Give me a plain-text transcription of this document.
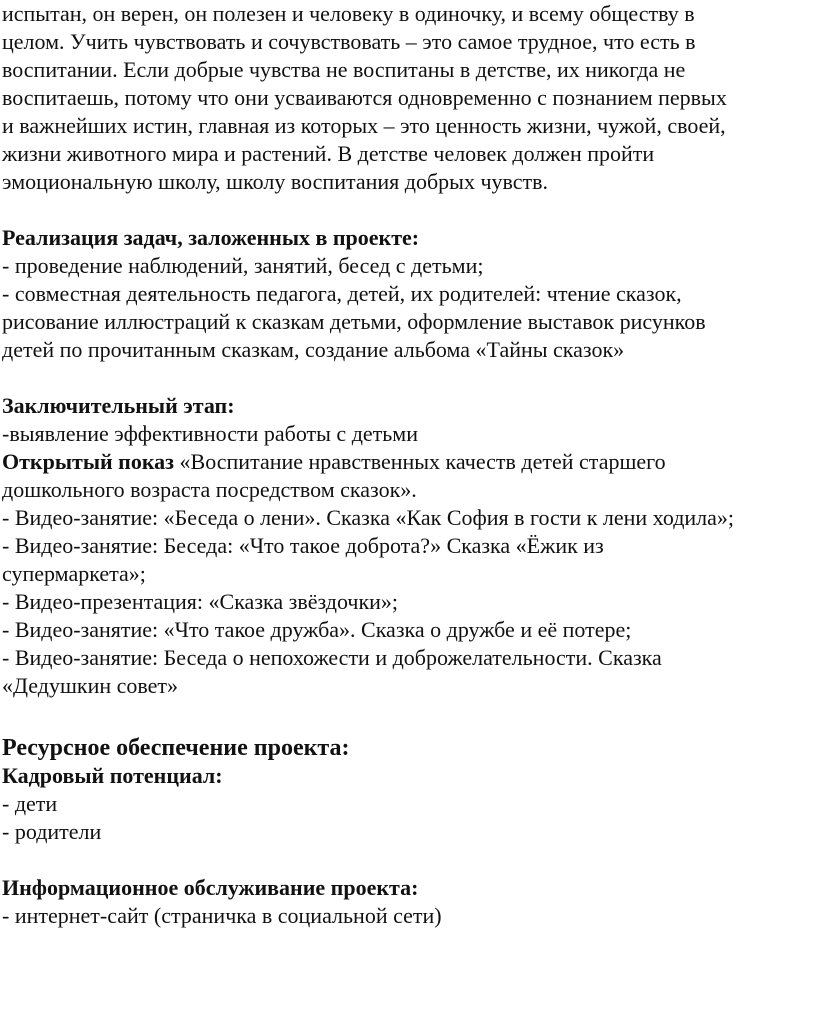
испытан, он верен, он полезен и человеку в одиночку, и всему обществу в
целом. Учить чувствовать и сочувствовать – это самое трудное, что есть в
воспитании. Если добрые чувства не воспитаны в детстве, их никогда не
воспитаешь, потому что они усваиваются одновременно с познанием первых
и важнейших истин, главная из которых – это ценность жизни, чужой, своей,
жизни животного мира и растений. В детстве человек должен пройти
эмоциональную школу, школу воспитания добрых чувств.
Реализация задач, заложенных в проекте:
- проведение наблюдений, занятий, бесед с детьми;
- совместная деятельность педагога, детей, их родителей: чтение сказок,
рисование иллюстраций к сказкам детьми, оформление выставок рисунков
детей по прочитанным сказкам, создание альбома «Тайны сказок»
Заключительный этап:
-выявление эффективности работы с детьми
Открытый показ «Воспитание нравственных качеств детей старшего
дошкольного возраста посредством сказок».
- Видео-занятие: «Беседа о лени». Сказка «Как София в гости к лени ходила»;
- Видео-занятие: Беседа: «Что такое доброта?» Сказка «Ёжик из
супермаркета»;
- Видео-презентация: «Сказка звёздочки»;
- Видео-занятие: «Что такое дружба». Сказка о дружбе и её потере;
- Видео-занятие: Беседа о непохожести и доброжелательности. Сказка
«Дедушкин совет»
Ресурсное обеспечение проекта:
Кадровый потенциал:
- дети
- родители
Информационное обслуживание проекта:
- интернет-сайт (страничка в социальной сети)
